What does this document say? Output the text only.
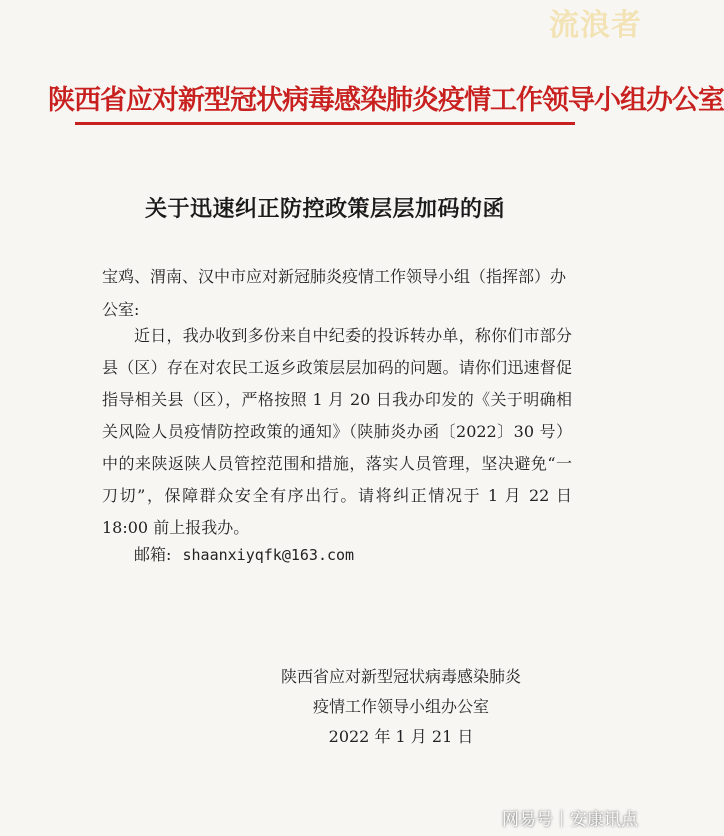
流浪者
陕西省应对新型冠状病毒感染肺炎疫情工作领导小组办公室
关于迅速纠正防控政策层层加码的函
宝鸡、渭南、汉中市应对新冠肺炎疫情工作领导小组（指挥部）办公室:
近日，我办收到多份来自中纪委的投诉转办单，称你们市部分县（区）存在对农民工返乡政策层层加码的问题。请你们迅速督促指导相关县（区），严格按照 1 月 20 日我办印发的《关于明确相关风险人员疫情防控政策的通知》（陕肺炎办函〔2022〕30 号）中的来陕返陕人员管控范围和措施，落实人员管理，坚决避免“一刀切”，保障群众安全有序出行。请将纠正情况于 1 月 22 日 18:00 前上报我办。
邮箱: shaanxiyqfk@163.com
陕西省应对新型冠状病毒感染肺炎
疫情工作领导小组办公室
2022 年 1 月 21 日
网易号｜安康讯点
